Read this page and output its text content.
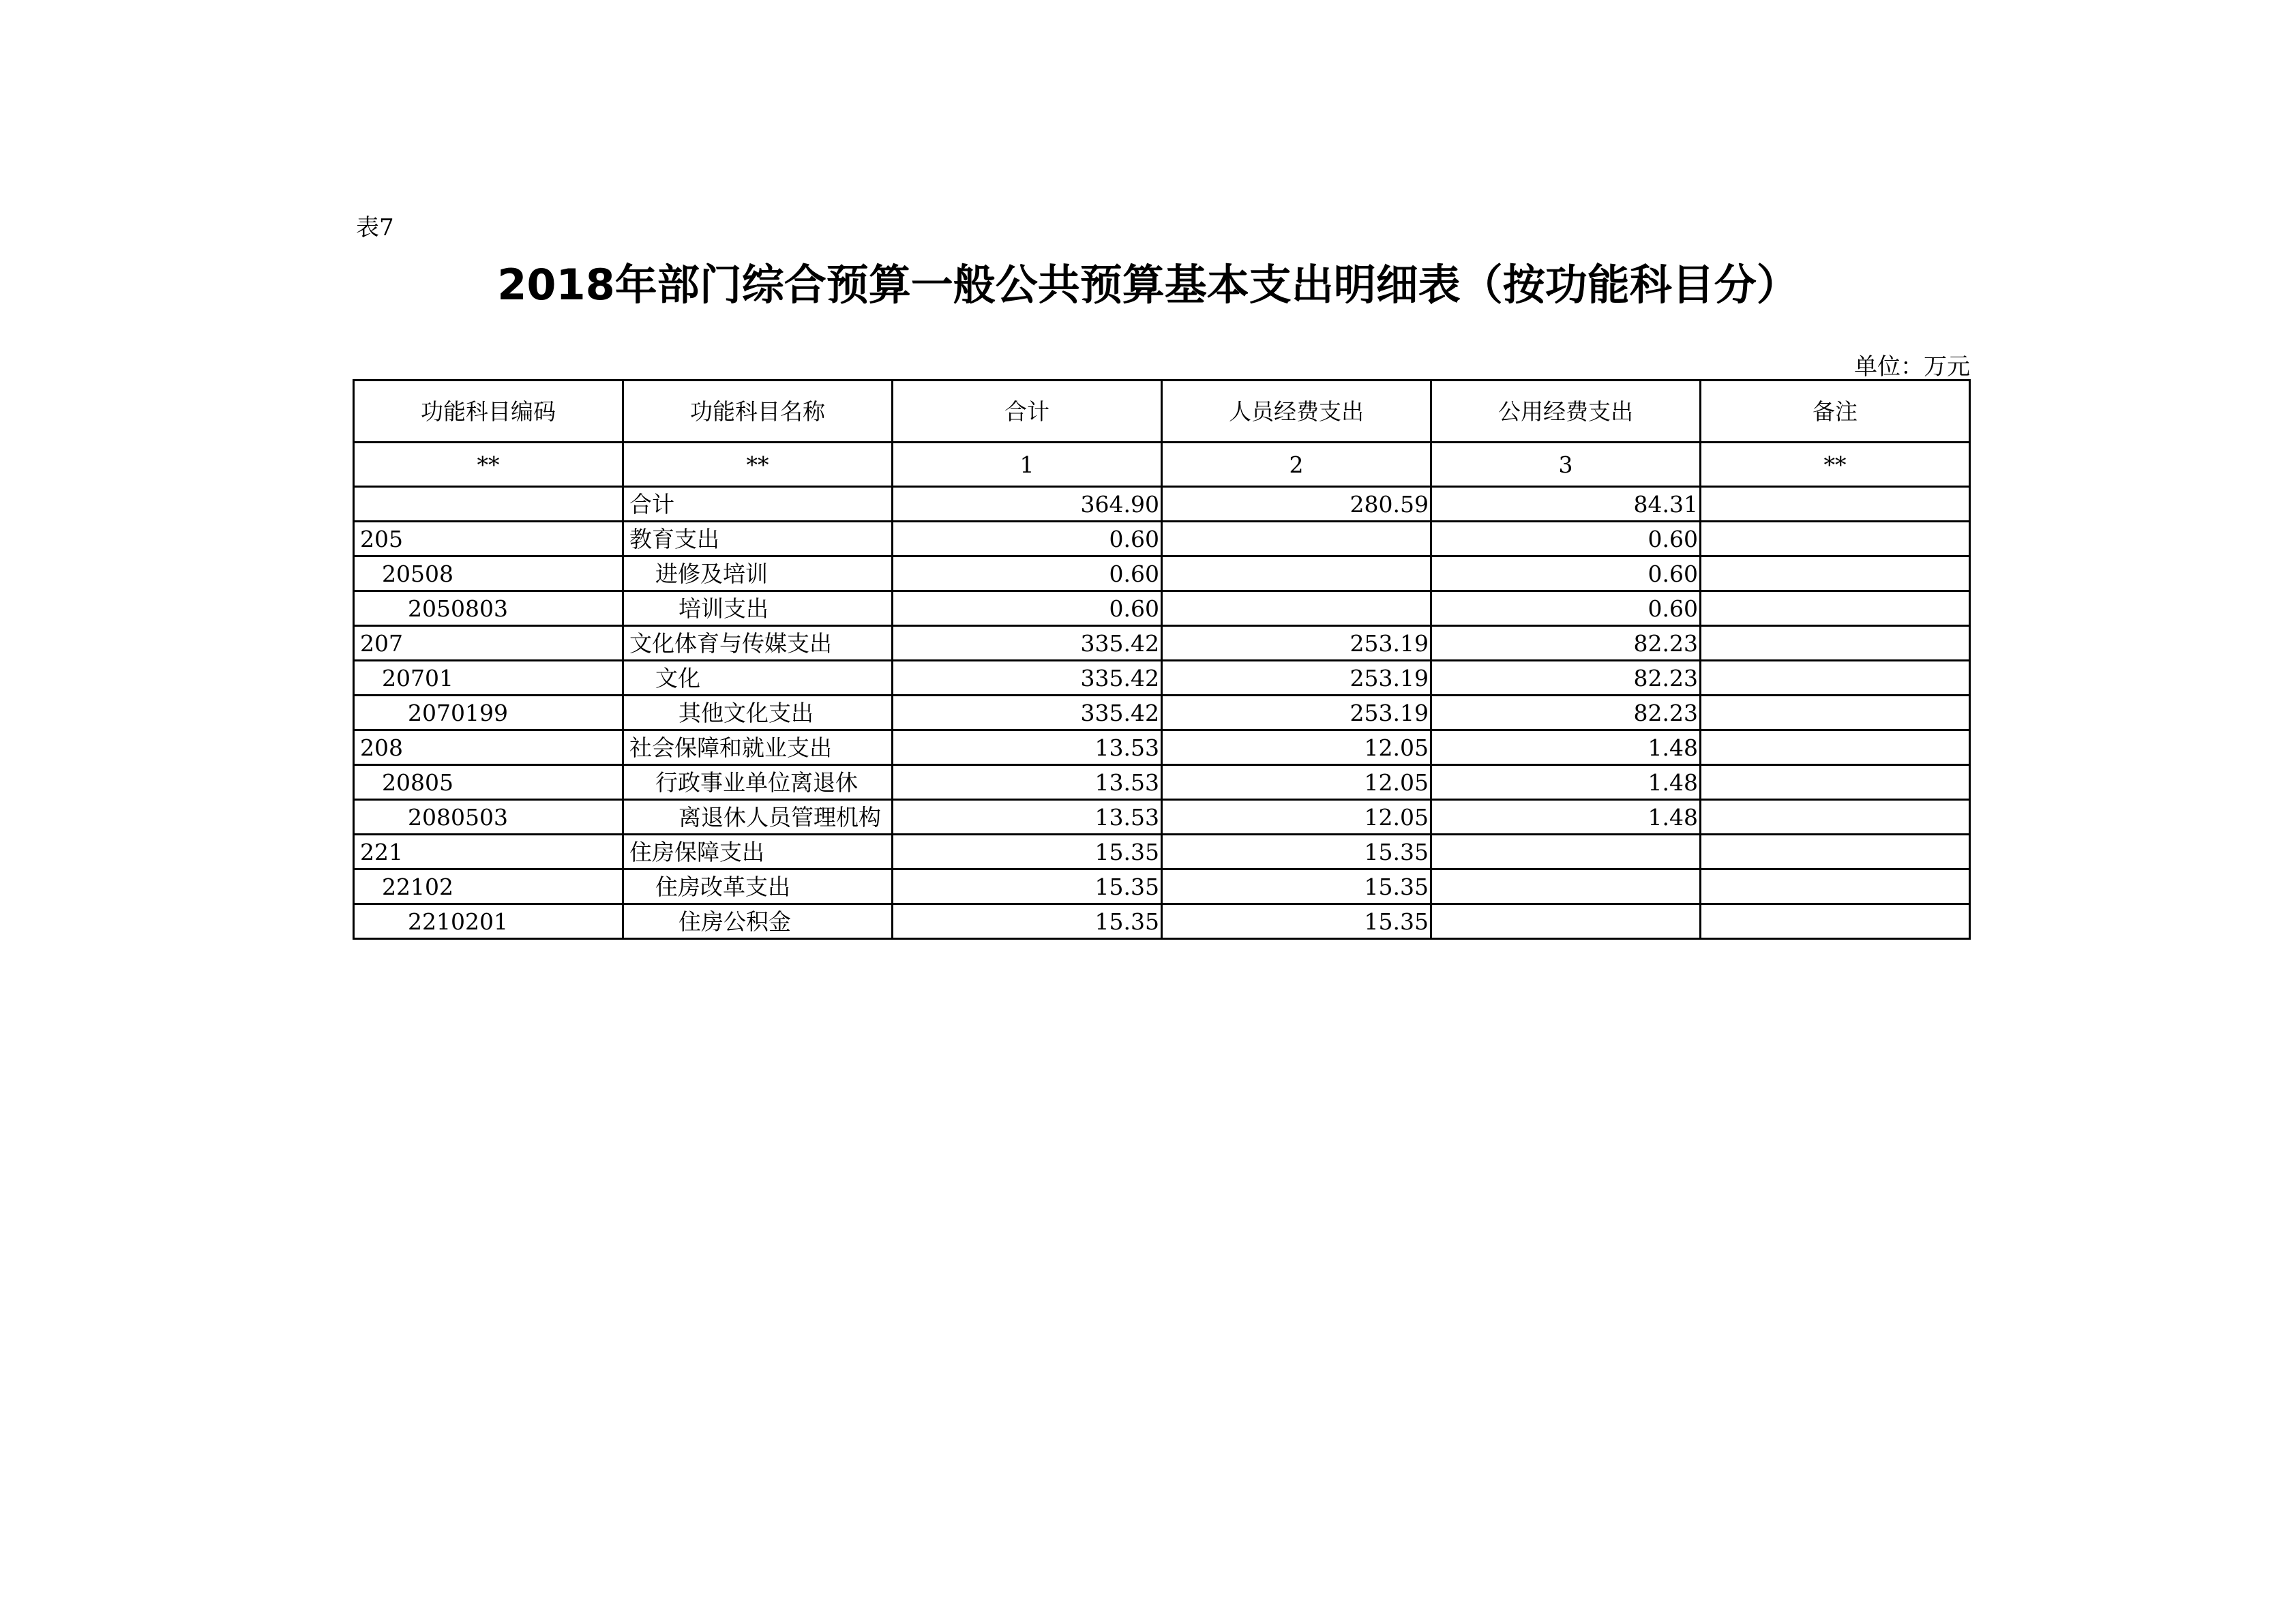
表7
2018年部门综合预算一般公共预算基本支出明细表（按功能科目分）
单位：万元
功能科目编码	功能科目名称	合计	人员经费支出	公用经费支出	备注
**	**	1	2	3	**
	合计	364.90	280.59	84.31	
205	教育支出	0.60		0.60	
20508	进修及培训	0.60		0.60	
2050803	培训支出	0.60		0.60	
207	文化体育与传媒支出	335.42	253.19	82.23	
20701	文化	335.42	253.19	82.23	
2070199	其他文化支出	335.42	253.19	82.23	
208	社会保障和就业支出	13.53	12.05	1.48	
20805	行政事业单位离退休	13.53	12.05	1.48	
2080503	离退休人员管理机构	13.53	12.05	1.48	
221	住房保障支出	15.35	15.35		
22102	住房改革支出	15.35	15.35		
2210201	住房公积金	15.35	15.35		
